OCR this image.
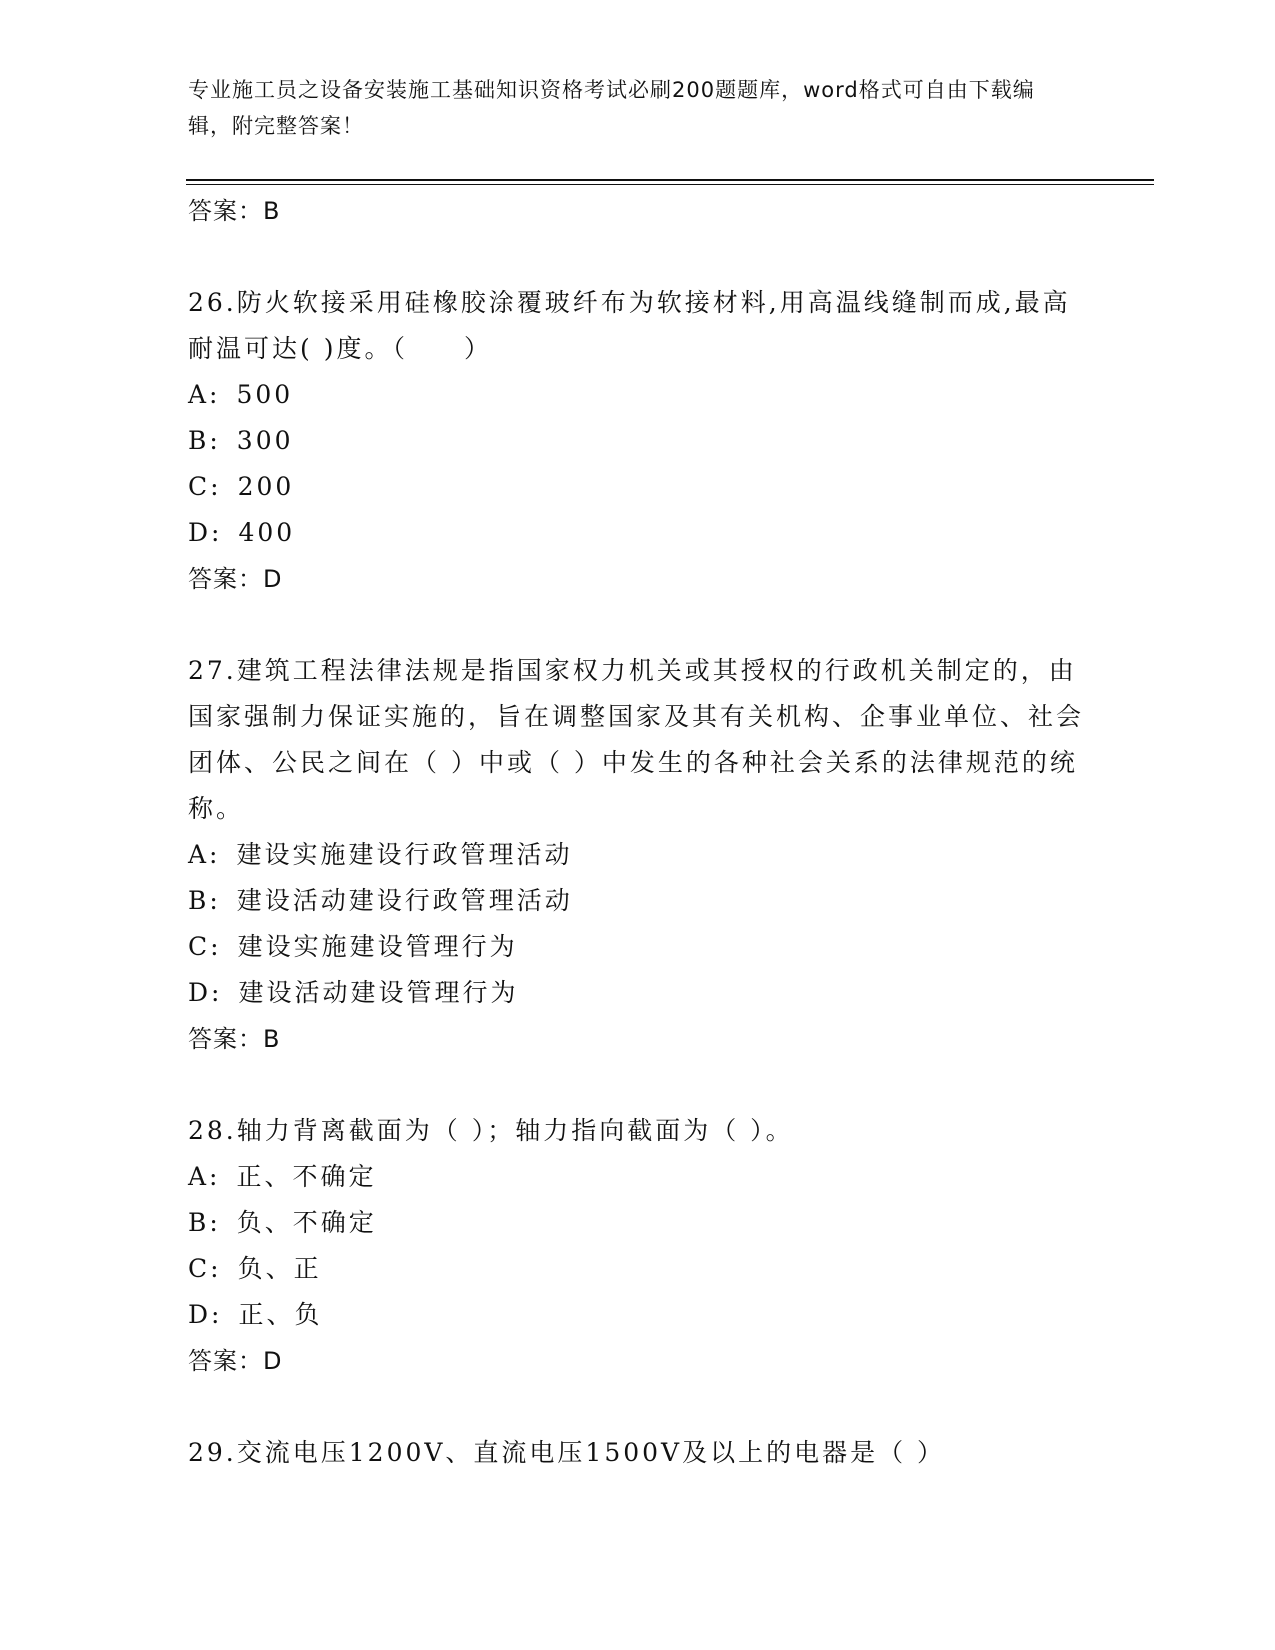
专业施工员之设备安装施工基础知识资格考试必刷200题题库，word格式可自由下载编辑，附完整答案！

答案：B

26.防火软接采用硅橡胶涂覆玻纤布为软接材料,用高温线缝制而成,最高耐温可达( )度。（　　）

A: 500

B: 300

C: 200

D: 400

答案：D

27.建筑工程法律法规是指国家权力机关或其授权的行政机关制定的，由国家强制力保证实施的，旨在调整国家及其有关机构、企事业单位、社会团体、公民之间在（ ）中或（ ）中发生的各种社会关系的法律规范的统称。

A: 建设实施建设行政管理活动

B: 建设活动建设行政管理活动

C: 建设实施建设管理行为

D: 建设活动建设管理行为

答案：B

28.轴力背离截面为（ ）；轴力指向截面为（ ）。

A: 正、不确定

B: 负、不确定

C: 负、正

D: 正、负

答案：D

29.交流电压1200V、直流电压1500V及以上的电器是（ ）
